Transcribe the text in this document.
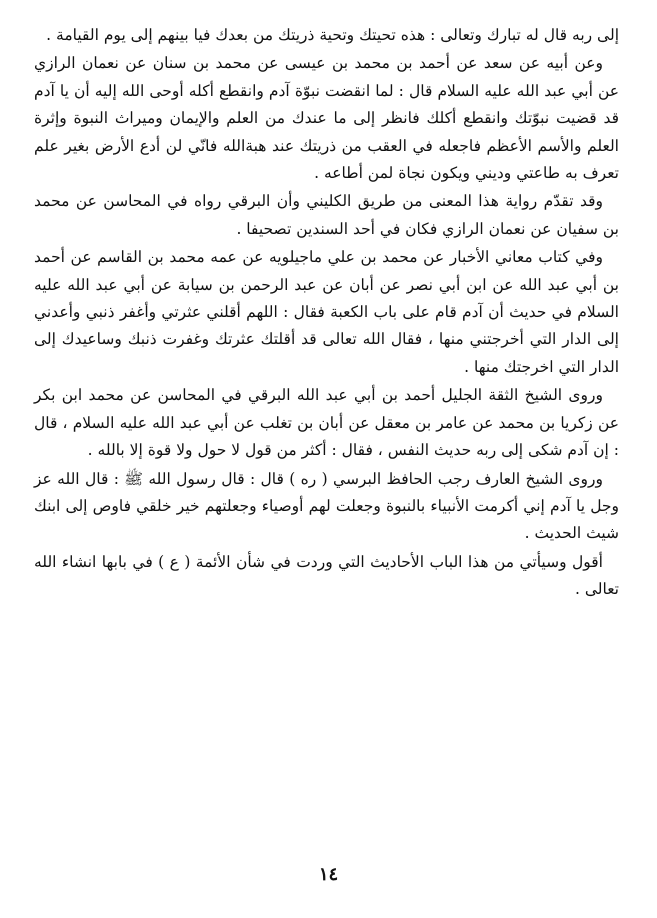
إلى ربه قال له تبارك وتعالى : هذه تحيتك وتحية ذريتك من بعدك فيا بينهم إلى يوم القيامة .

وعن أبيه عن سعد عن أحمد بن محمد بن عيسى عن محمد بن سنان عن نعمان الرازي عن أبي عبد الله عليه السلام قال : لما انقضت نبوّة آدم وانقطع أكله أوحى الله إليه أن يا آدم قد قضيت نبوّتك وانقطع أكلك فانظر إلى ما عندك من العلم والإيمان وميراث النبوة وإثرة العلم والأسم الأعظم فاجعله في العقب من ذريتك عند هبةالله فانّي لن أدع الأرض بغير علم تعرف به طاعتي وديني ويكون نجاة لمن أطاعه .

وقد تقدّم رواية هذا المعنى من طريق الكليني وأن البرقي رواه في المحاسن عن محمد بن سفيان عن نعمان الرازي فكان في أحد السندين تصحيفا .

وفي كتاب معاني الأخبار عن محمد بن علي ماجيلويه عن عمه محمد بن القاسم عن أحمد بن أبي عبد الله عن ابن أبي نصر عن أبان عن عبد الرحمن بن سيابة عن أبي عبد الله عليه السلام في حديث أن آدم قام على باب الكعبة فقال : اللهم أقلني عثرتي وأغفر ذنبي وأعدني إلى الدار التي أخرجتني منها ، فقال الله تعالى قد أقلتك عثرتك وغفرت ذنبك وساعيدك إلى الدار التي اخرجتك منها .

وروى الشيخ الثقة الجليل أحمد بن أبي عبد الله البرقي في المحاسن عن محمد ابن بكر عن زكريا بن محمد عن عامر بن معقل عن أبان بن تغلب عن أبي عبد الله عليه السلام ، قال : إن آدم شكى إلى ربه حديث النفس ، فقال : أكثر من قول لا حول ولا قوة إلا بالله .

وروى الشيخ العارف رجب الحافظ البرسي ( ره ) قال : قال رسول الله ﷺ : قال الله عز وجل يا آدم إني أكرمت الأنبياء بالنبوة وجعلت لهم أوصياء وجعلتهم خير خلقي فاوص إلى ابنك شيث الحديث .

أقول وسيأتي من هذا الباب الأحاديث التي وردت في شأن الأئمة ( ع ) في بابها انشاء الله تعالى .

١٤
